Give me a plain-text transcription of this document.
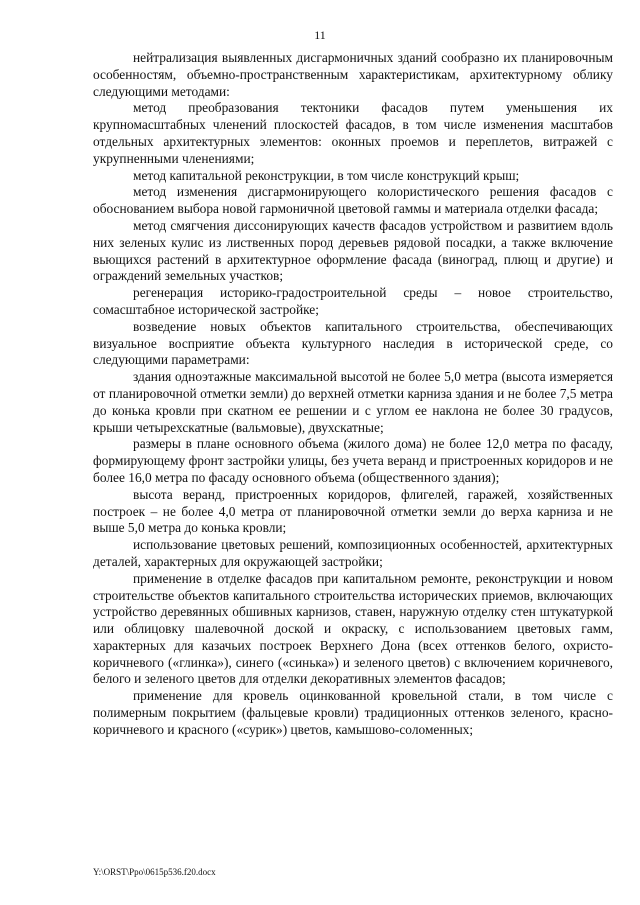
11

нейтрализация выявленных дисгармоничных зданий сообразно их планировочным особенностям, объемно-пространственным характеристикам, архитектурному облику следующими методами:

метод преобразования тектоники фасадов путем уменьшения их крупномасштабных членений плоскостей фасадов, в том числе изменения масштабов отдельных архитектурных элементов: оконных проемов и переплетов, витражей с укрупненными членениями;

метод капитальной реконструкции, в том числе конструкций крыш;

метод изменения дисгармонирующего колористического решения фасадов с обоснованием выбора новой гармоничной цветовой гаммы и материала отделки фасада;

метод смягчения диссонирующих качеств фасадов устройством и развитием вдоль них зеленых кулис из лиственных пород деревьев рядовой посадки, а также включение вьющихся растений в архитектурное оформление фасада (виноград, плющ и другие) и ограждений земельных участков;

регенерация историко-градостроительной среды – новое строительство, сомасштабное исторической застройке;

возведение новых объектов капитального строительства, обеспечивающих визуальное восприятие объекта культурного наследия в исторической среде, со следующими параметрами:

здания одноэтажные максимальной высотой не более 5,0 метра (высота измеряется от планировочной отметки земли) до верхней отметки карниза здания и не более 7,5 метра до конька кровли при скатном ее решении и с углом ее наклона не более 30 градусов, крыши четырехскатные (вальмовые), двухскатные;

размеры в плане основного объема (жилого дома) не более 12,0 метра по фасаду, формирующему фронт застройки улицы, без учета веранд и пристроенных коридоров и не более 16,0 метра по фасаду основного объема (общественного здания);

высота веранд, пристроенных коридоров, флигелей, гаражей, хозяйственных построек – не более 4,0 метра от планировочной отметки земли до верха карниза и не выше 5,0 метра до конька кровли;

использование цветовых решений, композиционных особенностей, архитектурных деталей, характерных для окружающей застройки;

применение в отделке фасадов при капитальном ремонте, реконструкции и новом строительстве объектов капитального строительства исторических приемов, включающих устройство деревянных обшивных карнизов, ставен, наружную отделку стен штукатуркой или облицовку шалевочной доской и окраску, с использованием цветовых гамм, характерных для казачьих построек Верхнего Дона (всех оттенков белого, охристо-коричневого («глинка»), синего («синька») и зеленого цветов) с включением коричневого, белого и зеленого цветов для отделки декоративных элементов фасадов;

применение для кровель оцинкованной кровельной стали, в том числе с полимерным покрытием (фальцевые кровли) традиционных оттенков зеленого, красно-коричневого и красного («сурик») цветов, камышово-соломенных;

Y:\ORST\Ppo\0615p536.f20.docx
